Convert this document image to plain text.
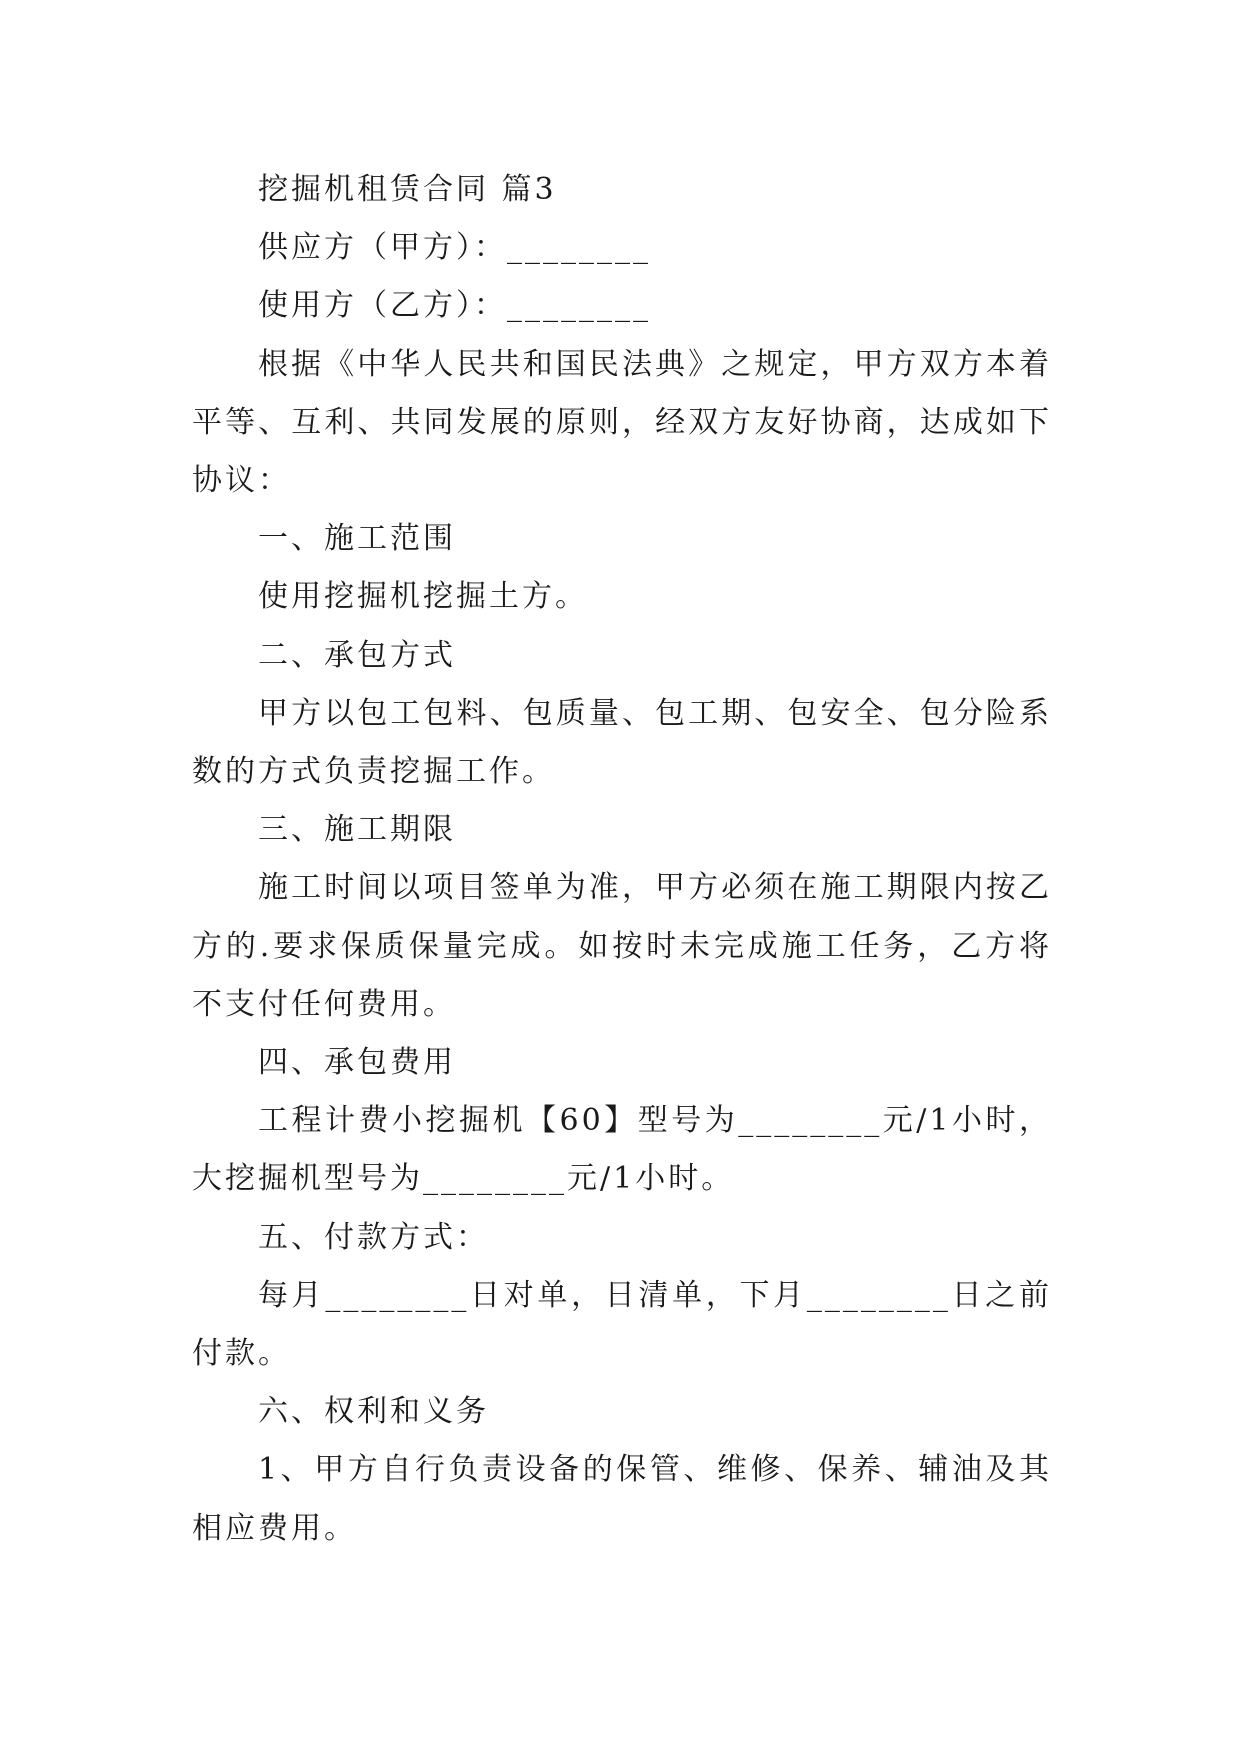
挖掘机租赁合同 篇3

供应方（甲方）：________

使用方（乙方）：________

根据《中华人民共和国民法典》之规定，甲方双方本着平等、互利、共同发展的原则，经双方友好协商，达成如下协议：

一、施工范围

使用挖掘机挖掘土方。

二、承包方式

甲方以包工包料、包质量、包工期、包安全、包分险系数的方式负责挖掘工作。

三、施工期限

施工时间以项目签单为准，甲方必须在施工期限内按乙方的.要求保质保量完成。如按时未完成施工任务，乙方将不支付任何费用。

四、承包费用

工程计费小挖掘机【60】型号为________元/1小时，大挖掘机型号为________元/1小时。

五、付款方式：

每月________日对单，日清单，下月________日之前付款。

六、权利和义务

1、甲方自行负责设备的保管、维修、保养、辅油及其相应费用。
